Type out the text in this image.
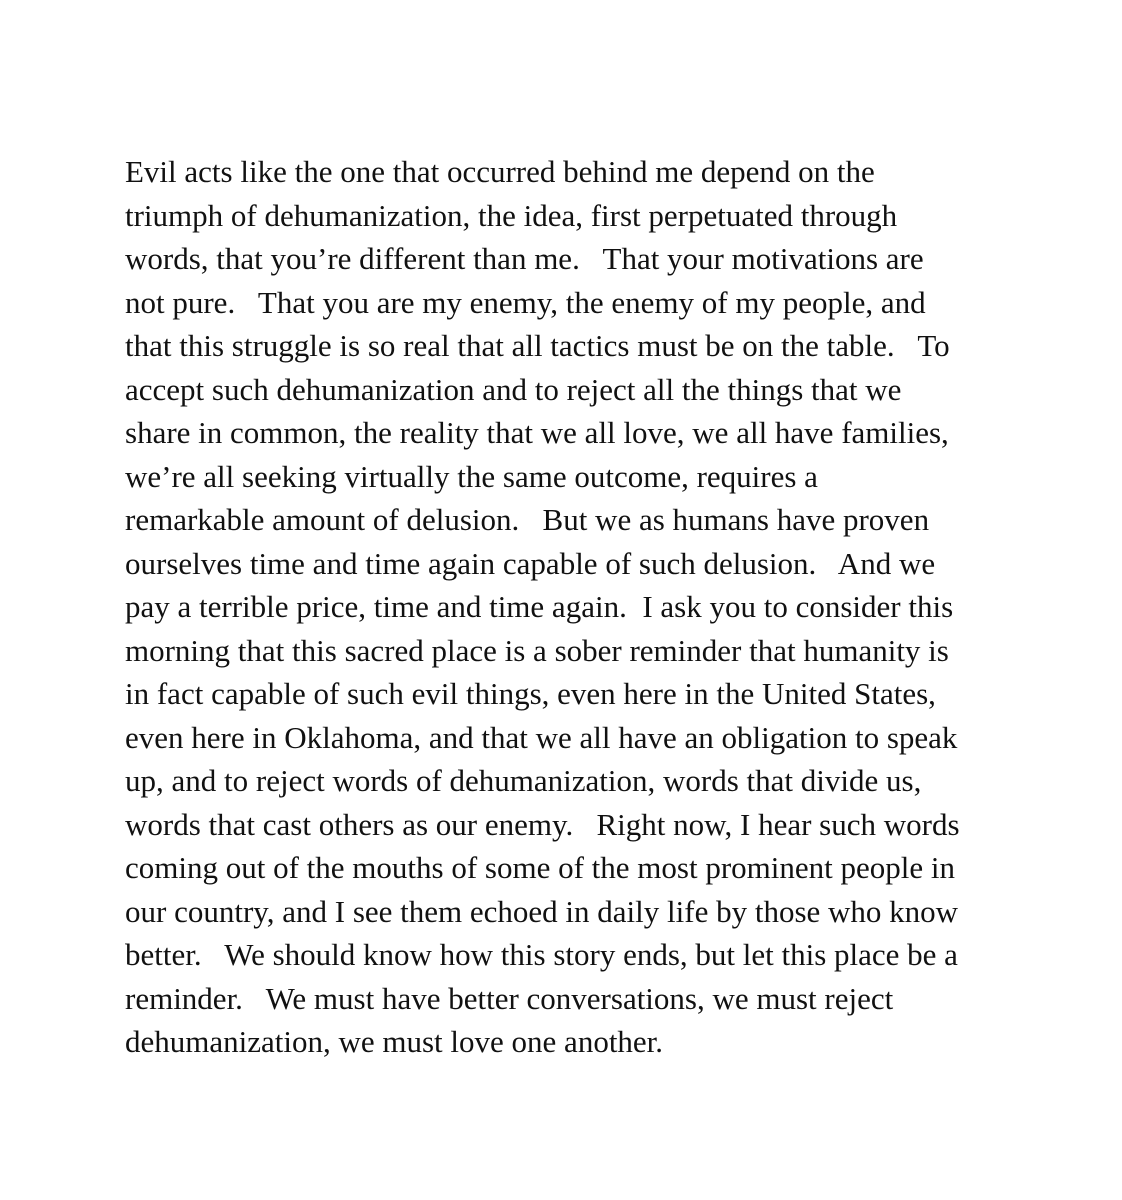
Evil acts like the one that occurred behind me depend on the
triumph of dehumanization, the idea, first perpetuated through
words, that you’re different than me.   That your motivations are
not pure.   That you are my enemy, the enemy of my people, and
that this struggle is so real that all tactics must be on the table.   To
accept such dehumanization and to reject all the things that we
share in common, the reality that we all love, we all have families,
we’re all seeking virtually the same outcome, requires a
remarkable amount of delusion.   But we as humans have proven
ourselves time and time again capable of such delusion.   And we
pay a terrible price, time and time again.  I ask you to consider this
morning that this sacred place is a sober reminder that humanity is
in fact capable of such evil things, even here in the United States,
even here in Oklahoma, and that we all have an obligation to speak
up, and to reject words of dehumanization, words that divide us,
words that cast others as our enemy.   Right now, I hear such words
coming out of the mouths of some of the most prominent people in
our country, and I see them echoed in daily life by those who know
better.   We should know how this story ends, but let this place be a
reminder.   We must have better conversations, we must reject
dehumanization, we must love one another.
